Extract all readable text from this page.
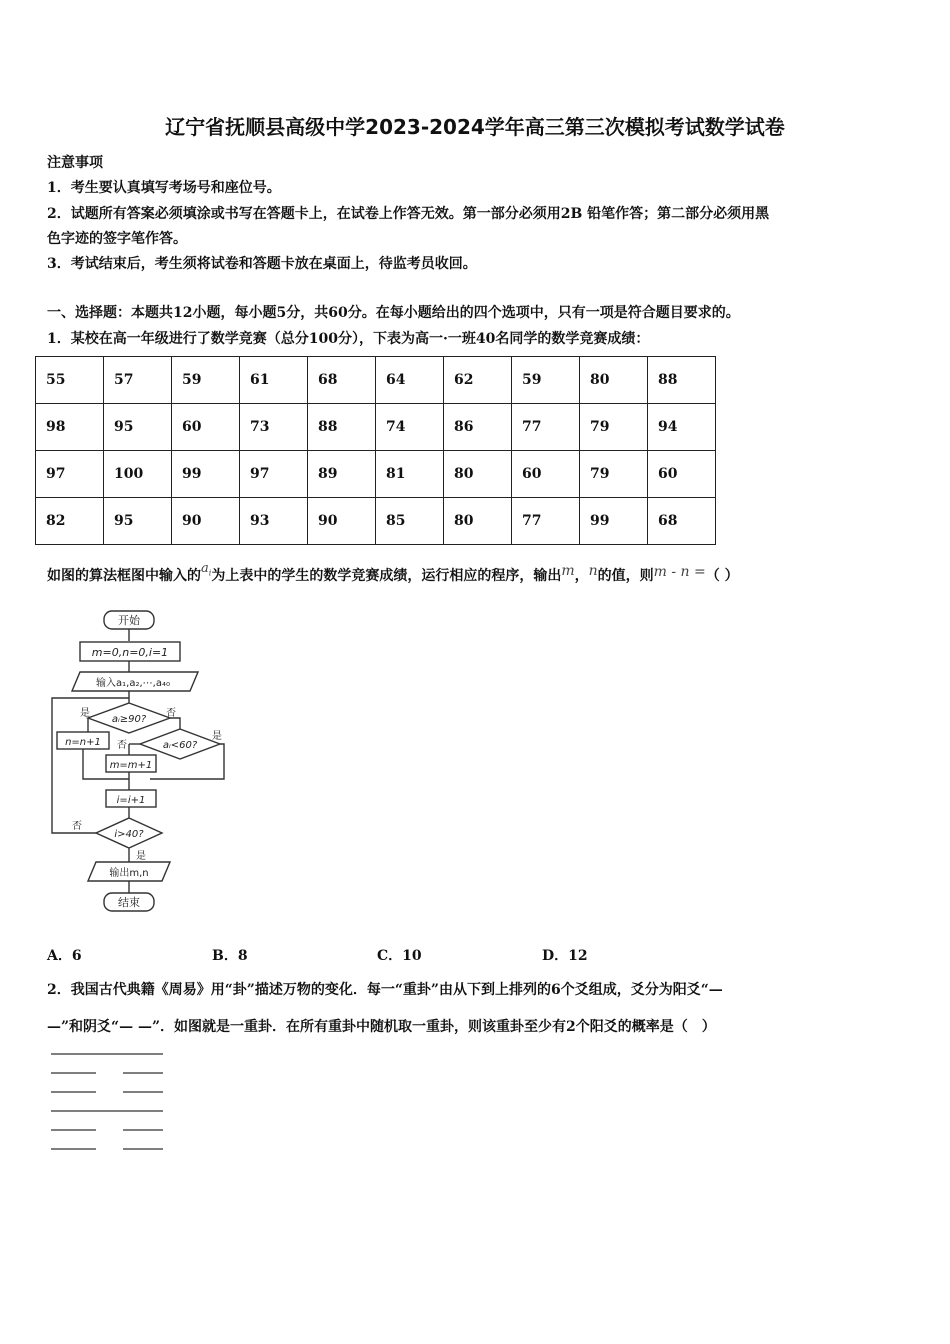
辽宁省抚顺县高级中学2023-2024学年高三第三次模拟考试数学试卷
注意事项
1．考生要认真填写考场号和座位号。
2．试题所有答案必须填涂或书写在答题卡上，在试卷上作答无效。第一部分必须用2B 铅笔作答；第二部分必须用黑
色字迹的签字笔作答。
3．考试结束后，考生须将试卷和答题卡放在桌面上，待监考员收回。
一、选择题：本题共12小题，每小题5分，共60分。在每小题给出的四个选项中，只有一项是符合题目要求的。
1．某校在高一年级进行了数学竞赛（总分100分），下表为高一·一班40名同学的数学竞赛成绩：
55	57	59	61	68	64	62	59	80	88
98	95	60	73	88	74	86	77	79	94
97	100	99	97	89	81	80	60	79	60
82	95	90	93	90	85	80	77	99	68
如图的算法框图中输入的$a_i$为上表中的学生的数学竞赛成绩，运行相应的程序，输出m，n的值，则m - n =（ ）
开始
m=0,n=0,i=1
输入a₁,a₂,⋯,a₄₀
aᵢ≥90?
aᵢ<60?
n=n+1
m=m+1
i=i+1
i>40?
输出m,n
结束
是	否
否
是
否
是
A．6	B．8	C．10	D．12
2．我国古代典籍《周易》用“卦”描述万物的变化．每一“重卦”由从下到上排列的6个爻组成，爻分为阳爻“—
—”和阴爻“— —”．如图就是一重卦．在所有重卦中随机取一重卦，则该重卦至少有2个阳爻的概率是（　）
